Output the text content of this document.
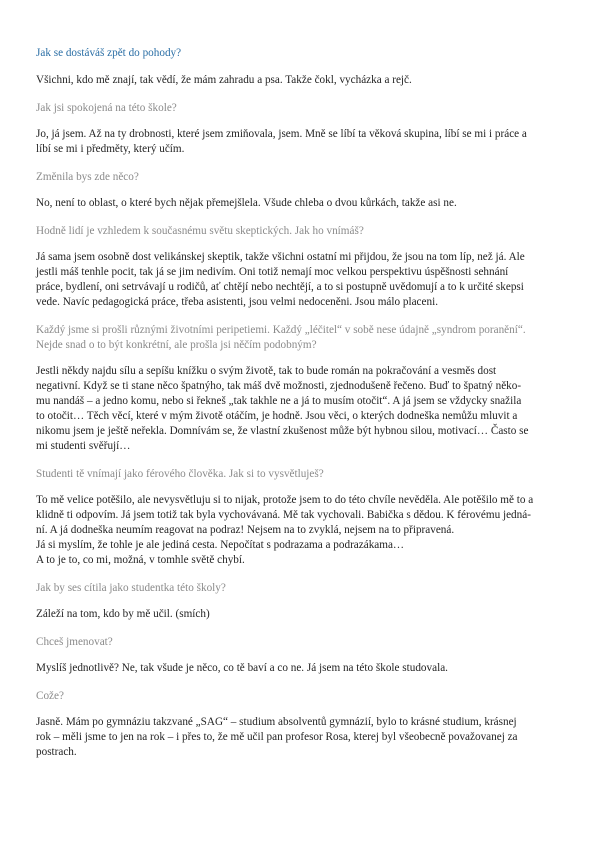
Jak se dostáváš zpět do pohody?
Všichni, kdo mě znají, tak vědí, že mám zahradu a psa. Takže čokl, vycházka a rejč.
Jak jsi spokojená na této škole?
Jo, já jsem. Až na ty drobnosti, které jsem zmiňovala, jsem. Mně se líbí ta věková skupina, líbí se mi i práce a
líbí se mi i předměty, který učím.
Změnila bys zde něco?
No, není to oblast, o které bych nějak přemejšlela. Všude chleba o dvou kůrkách, takže asi ne.
Hodně lidí je vzhledem k současnému světu skeptických. Jak ho vnímáš?
Já sama jsem osobně dost velikánskej skeptik, takže všichni ostatní mi přijdou, že jsou na tom líp, než já. Ale
jestli máš tenhle pocit, tak já se jim nedivím. Oni totiž nemají moc velkou perspektivu úspěšnosti sehnání
práce, bydlení, oni setrvávají u rodičů, ať chtějí nebo nechtějí, a to si postupně uvědomují a to k určité skepsi
vede. Navíc pedagogická práce, třeba asistenti, jsou velmi nedoceněni. Jsou málo placeni.
Každý jsme si prošli různými životními peripetiemi. Každý „léčitel“ v sobě nese údajně „syndrom poranění“.
Nejde snad o to být konkrétní, ale prošla jsi něčím podobným?
Jestli někdy najdu sílu a sepíšu knížku o svým životě, tak to bude román na pokračování a vesměs dost
negativní. Když se ti stane něco špatnýho, tak máš dvě možnosti, zjednodušeně řečeno. Buď to špatný něko-
mu nandáš – a jedno komu, nebo si řekneš „tak takhle ne a já to musím otočit“. A já jsem se vždycky snažila
to otočit… Těch věcí, které v mým životě otáčím, je hodně. Jsou věci, o kterých dodneška nemůžu mluvit a
nikomu jsem je ještě neřekla. Domnívám se, že vlastní zkušenost může být hybnou silou, motivací… Často se
mi studenti svěřují…
Studenti tě vnímají jako férového člověka. Jak si to vysvětluješ?
To mě velice potěšilo, ale nevysvětluju si to nijak, protože jsem to do této chvíle nevěděla. Ale potěšilo mě to a
klidně ti odpovím. Já jsem totiž tak byla vychovávaná. Mě tak vychovali. Babička s dědou. K férovému jedná-
ní. A já dodneška neumím reagovat na podraz! Nejsem na to zvyklá, nejsem na to připravená.
Já si myslím, že tohle je ale jediná cesta. Nepočítat s podrazama a podrazákama…
A to je to, co mi, možná, v tomhle světě chybí.
Jak by ses cítila jako studentka této školy?
Záleží na tom, kdo by mě učil. (smích)
Chceš jmenovat?
Myslíš jednotlivě? Ne, tak všude je něco, co tě baví a co ne. Já jsem na této škole studovala.
Cože?
Jasně. Mám po gymnáziu takzvané „SAG“ – studium absolventů gymnázií, bylo to krásné studium, krásnej
rok – měli jsme to jen na rok – i přes to, že mě učil pan profesor Rosa, kterej byl všeobecně považovanej za
postrach.
